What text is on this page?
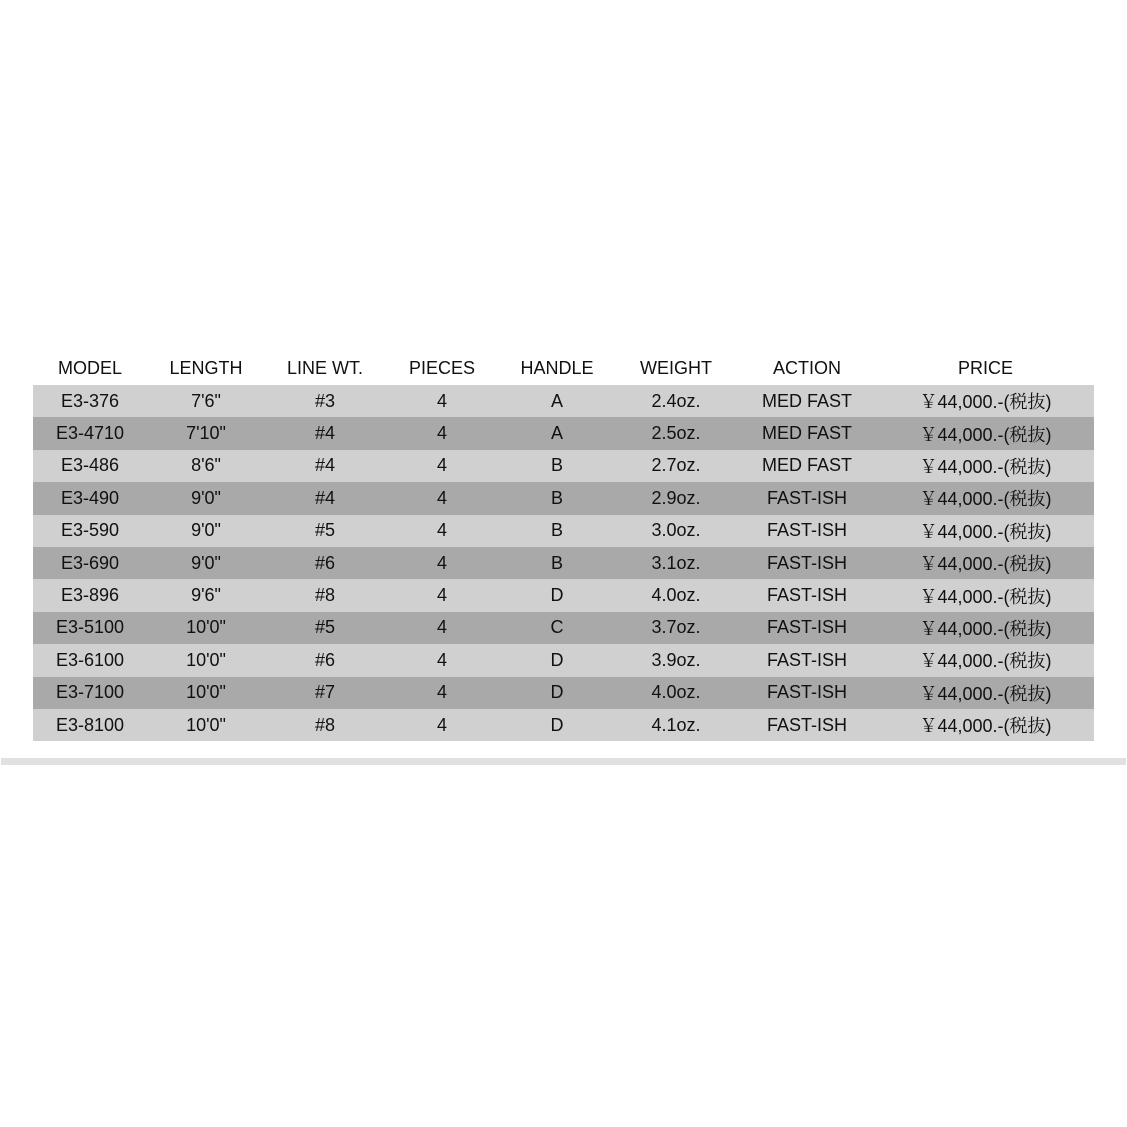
MODEL	LENGTH	LINE WT.	PIECES	HANDLE	WEIGHT	ACTION	PRICE
E3-376	7'6"	#3	4	A	2.4oz.	MED FAST	￥44,000.-(税抜)
E3-4710	7'10"	#4	4	A	2.5oz.	MED FAST	￥44,000.-(税抜)
E3-486	8'6"	#4	4	B	2.7oz.	MED FAST	￥44,000.-(税抜)
E3-490	9'0"	#4	4	B	2.9oz.	FAST-ISH	￥44,000.-(税抜)
E3-590	9'0"	#5	4	B	3.0oz.	FAST-ISH	￥44,000.-(税抜)
E3-690	9'0"	#6	4	B	3.1oz.	FAST-ISH	￥44,000.-(税抜)
E3-896	9'6"	#8	4	D	4.0oz.	FAST-ISH	￥44,000.-(税抜)
E3-5100	10'0"	#5	4	C	3.7oz.	FAST-ISH	￥44,000.-(税抜)
E3-6100	10'0"	#6	4	D	3.9oz.	FAST-ISH	￥44,000.-(税抜)
E3-7100	10'0"	#7	4	D	4.0oz.	FAST-ISH	￥44,000.-(税抜)
E3-8100	10'0"	#8	4	D	4.1oz.	FAST-ISH	￥44,000.-(税抜)
